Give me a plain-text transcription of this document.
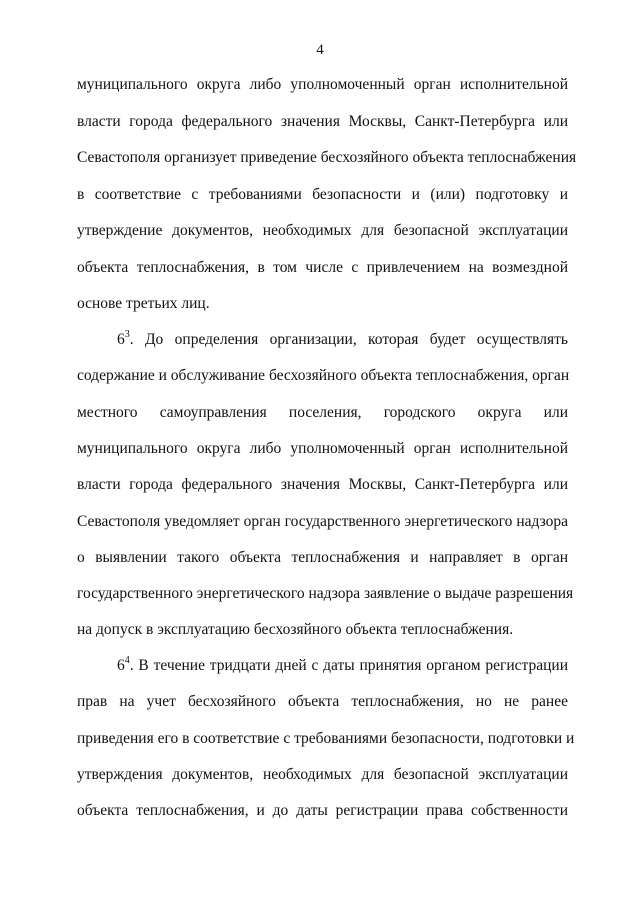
4
муниципального округа либо уполномоченный орган исполнительной
власти города федерального значения Москвы, Санкт-Петербурга или
Севастополя организует приведение бесхозяйного объекта теплоснабжения
в соответствие с требованиями безопасности и (или) подготовку и
утверждение документов, необходимых для безопасной эксплуатации
объекта теплоснабжения, в том числе с привлечением на возмездной
основе третьих лиц.
$6^3$. До определения организации, которая будет осуществлять
содержание и обслуживание бесхозяйного объекта теплоснабжения, орган
местного самоуправления поселения, городского округа или
муниципального округа либо уполномоченный орган исполнительной
власти города федерального значения Москвы, Санкт-Петербурга или
Севастополя уведомляет орган государственного энергетического надзора
о выявлении такого объекта теплоснабжения и направляет в орган
государственного энергетического надзора заявление о выдаче разрешения
на допуск в эксплуатацию бесхозяйного объекта теплоснабжения.
$6^4$. В течение тридцати дней с даты принятия органом регистрации
прав на учет бесхозяйного объекта теплоснабжения, но не ранее
приведения его в соответствие с требованиями безопасности, подготовки и
утверждения документов, необходимых для безопасной эксплуатации
объекта теплоснабжения, и до даты регистрации права собственности
